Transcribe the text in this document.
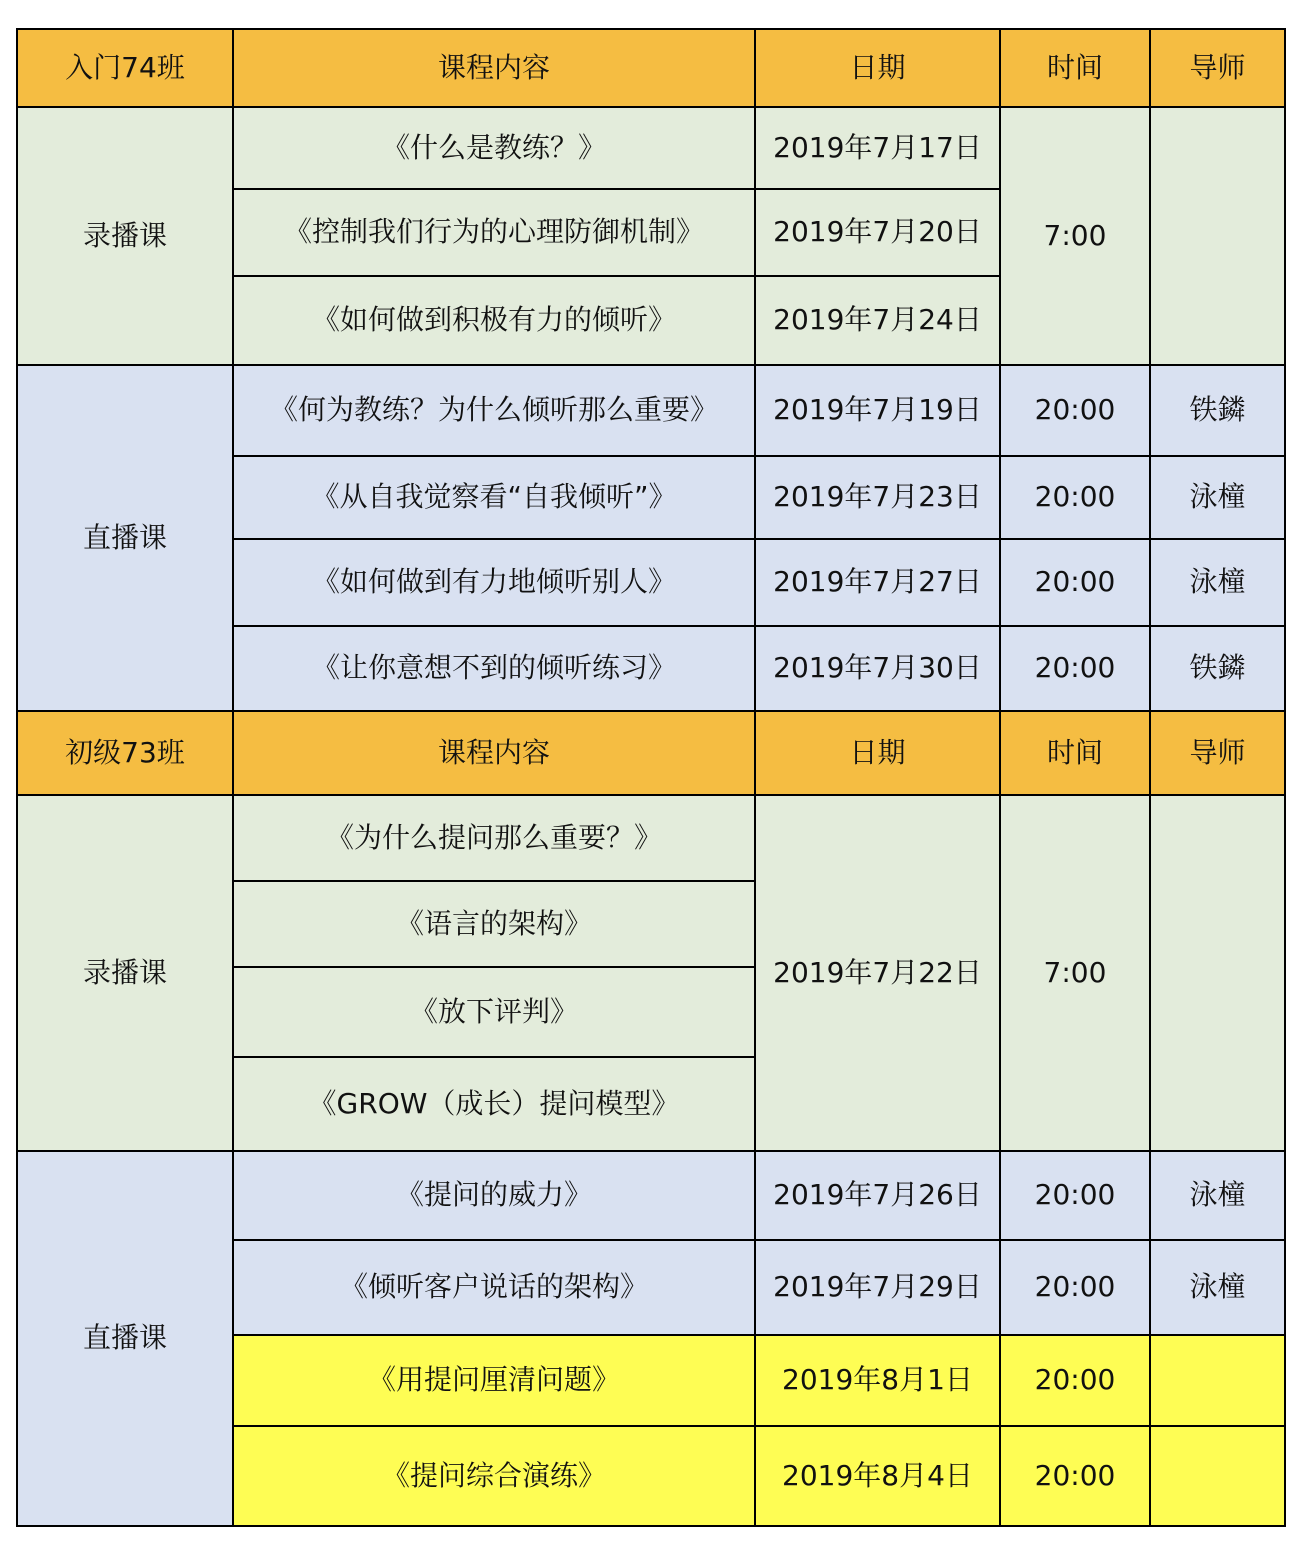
入门74班	课程内容	日期	时间	导师
录播课	《什么是教练？》	2019年7月17日	7:00	
	《控制我们行为的心理防御机制》	2019年7月20日		
	《如何做到积极有力的倾听》	2019年7月24日		
直播课	《何为教练？为什么倾听那么重要》	2019年7月19日	20:00	铁鏻
	《从自我觉察看“自我倾听”》	2019年7月23日	20:00	泳橦
	《如何做到有力地倾听别人》	2019年7月27日	20:00	泳橦
	《让你意想不到的倾听练习》	2019年7月30日	20:00	铁鏻
初级73班	课程内容	日期	时间	导师
录播课	《为什么提问那么重要？》	2019年7月22日	7:00	
	《语言的架构》			
	《放下评判》			
	《GROW（成长）提问模型》			
直播课	《提问的威力》	2019年7月26日	20:00	泳橦
	《倾听客户说话的架构》	2019年7月29日	20:00	泳橦
	《用提问厘清问题》	2019年8月1日	20:00	
	《提问综合演练》	2019年8月4日	20:00	
